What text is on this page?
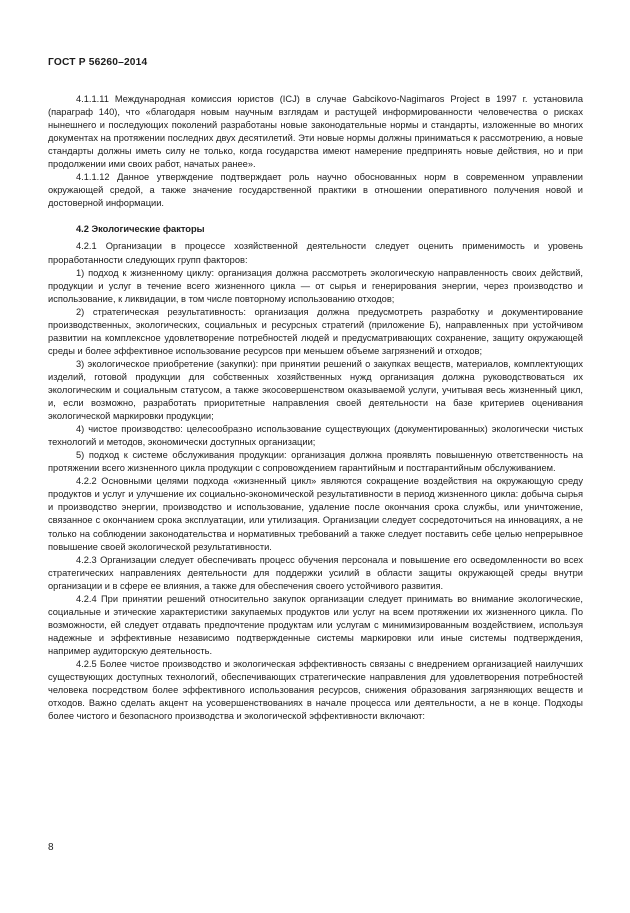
ГОСТ Р 56260–2014

4.1.1.11 Международная комиссия юристов (ICJ) в случае Gabcikovo-Nagimaros Project в 1997 г. установила (параграф 140), что «благодаря новым научным взглядам и растущей информированности человечества о рисках нынешнего и последующих поколений разработаны новые законодательные нормы и стандарты, изложенные во многих документах на протяжении последних двух десятилетий. Эти новые нормы должны приниматься к рассмотрению, а новые стандарты должны иметь силу не только, когда государства имеют намерение предпринять новые действия, но и при продолжении ими своих работ, начатых ранее».

4.1.1.12 Данное утверждение подтверждает роль научно обоснованных норм в современном управлении окружающей средой, а также значение государственной практики в отношении оперативного получения новой и достоверной информации.

4.2 Экологические факторы

4.2.1 Организации в процессе хозяйственной деятельности следует оценить применимость и уровень проработанности следующих групп факторов:

1) подход к жизненному циклу: организация должна рассмотреть экологическую направленность своих действий, продукции и услуг в течение всего жизненного цикла — от сырья и генерирования энергии, через производство и использование, к ликвидации, в том числе повторному использованию отходов;

2) стратегическая результативность: организация должна предусмотреть разработку и документирование производственных, экологических, социальных и ресурсных стратегий (приложение Б), направленных при устойчивом развитии на комплексное удовлетворение потребностей людей и предусматривающих сохранение, защиту окружающей среды и более эффективное использование ресурсов при меньшем объеме загрязнений и отходов;

3) экологическое приобретение (закупки): при принятии решений о закупках веществ, материалов, комплектующих изделий, готовой продукции для собственных хозяйственных нужд организация должна руководствоваться их экологическим и социальным статусом, а также экосовершенством оказываемой услуги, учитывая весь жизненный цикл, и, если возможно, разработать приоритетные направления своей деятельности на базе критериев оценивания экологической маркировки продукции;

4) чистое производство: целесообразно использование существующих (документированных) экологически чистых технологий и методов, экономически доступных организации;

5) подход к системе обслуживания продукции: организация должна проявлять повышенную ответственность на протяжении всего жизненного цикла продукции с сопровождением гарантийным и постгарантийным обслуживанием.

4.2.2 Основными целями подхода «жизненный цикл» являются сокращение воздействия на окружающую среду продуктов и услуг и улучшение их социально-экономической результативности в период жизненного цикла: добыча сырья и производство энергии, производство и использование, удаление после окончания срока службы, или уничтожение, связанное с окончанием срока эксплуатации, или утилизация. Организации следует сосредоточиться на инновациях, а не только на соблюдении законодательства и нормативных требований а также следует поставить себе целью непрерывное повышение своей экологической результативности.

4.2.3 Организации следует обеспечивать процесс обучения персонала и повышение его осведомленности во всех стратегических направлениях деятельности для поддержки усилий в области защиты окружающей среды внутри организации и в сфере ее влияния, а также для обеспечения своего устойчивого развития.

4.2.4 При принятии решений относительно закупок организации следует принимать во внимание экологические, социальные и этические характеристики закупаемых продуктов или услуг на всем протяжении их жизненного цикла. По возможности, ей следует отдавать предпочтение продуктам или услугам с минимизированным воздействием, используя надежные и эффективные независимо подтвержденные системы маркировки или иные системы подтверждения, например аудиторскую деятельность.

4.2.5 Более чистое производство и экологическая эффективность связаны с внедрением организацией наилучших существующих доступных технологий, обеспечивающих стратегические направления для удовлетворения потребностей человека посредством более эффективного использования ресурсов, снижения образования загрязняющих веществ и отходов. Важно сделать акцент на усовершенствованиях в начале процесса или деятельности, а не в конце. Подходы более чистого и безопасного производства и экологической эффективности включают:

8
